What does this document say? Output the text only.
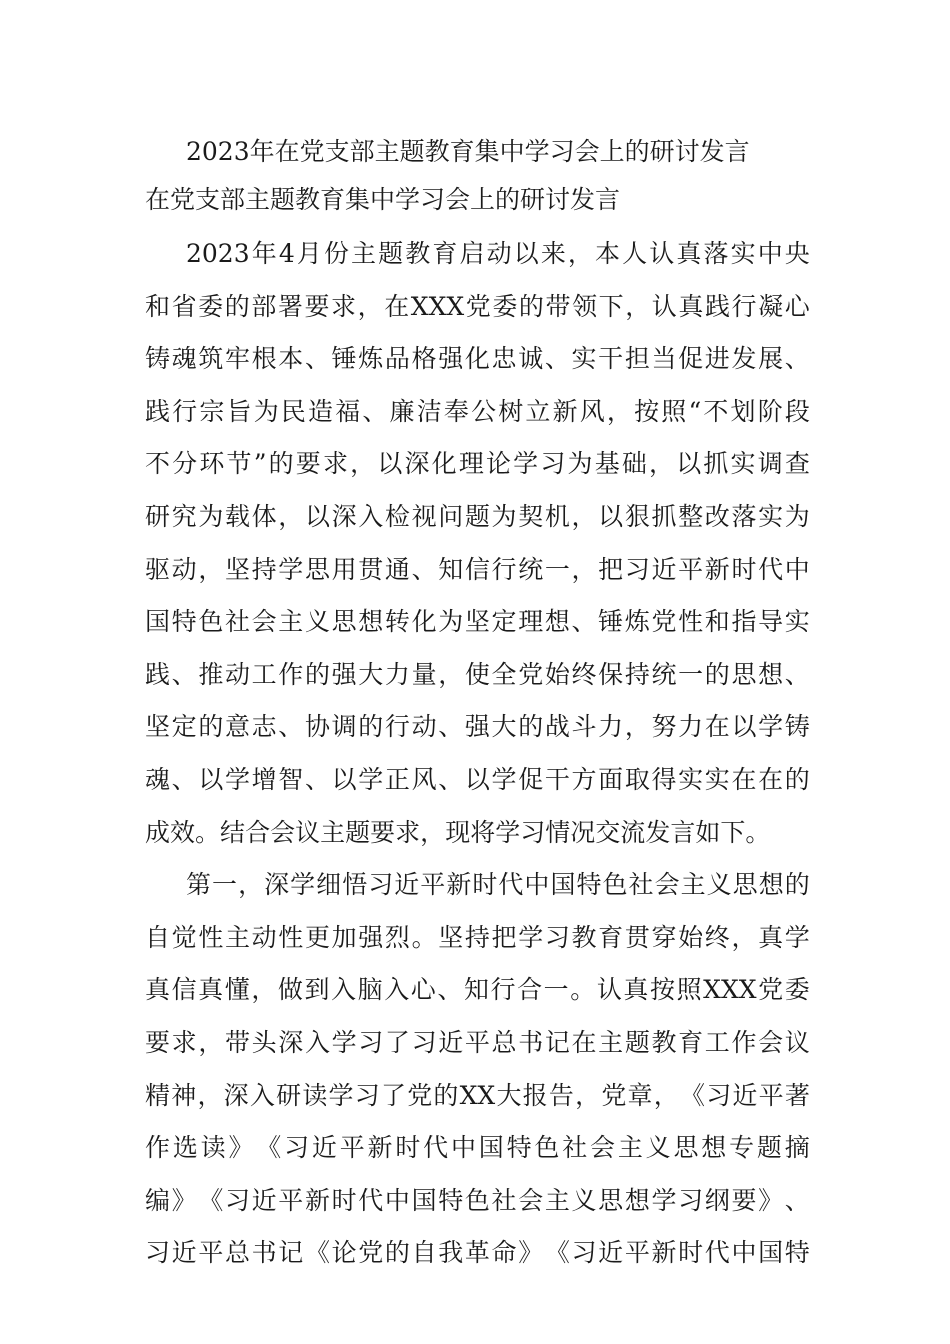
2023年在党支部主题教育集中学习会上的研讨发言
在党支部主题教育集中学习会上的研讨发言
2023 年 4 月 份 主 题 教 育 启 动 以 来 ， 本 人 认 真 落 实 中 央
和 省 委 的 部 署 要 求 ， 在 XXX 党 委 的 带 领 下 ， 认 真 践 行 凝 心
铸 魂 筑 牢 根 本 、 锤 炼 品 格 强 化 忠 诚 、 实 干 担 当 促 进 发 展 、
践 行 宗 旨 为 民 造 福 、 廉 洁 奉 公 树 立 新 风 ， 按 照 “ 不 划 阶 段
不 分 环 节 ” 的 要 求 ， 以 深 化 理 论 学 习 为 基 础 ， 以 抓 实 调 查
研 究 为 载 体 ， 以 深 入 检 视 问 题 为 契 机 ， 以 狠 抓 整 改 落 实 为
驱 动 ， 坚 持 学 思 用 贯 通 、 知 信 行 统 一 ， 把 习 近 平 新 时 代 中
国 特 色 社 会 主 义 思 想 转 化 为 坚 定 理 想 、 锤 炼 党 性 和 指 导 实
践 、 推 动 工 作 的 强 大 力 量 ， 使 全 党 始 终 保 持 统 一 的 思 想 、
坚 定 的 意 志 、 协 调 的 行 动 、 强 大 的 战 斗 力 ， 努 力 在 以 学 铸
魂 、 以 学 增 智 、 以 学 正 风 、 以 学 促 干 方 面 取 得 实 实 在 在 的
成 效 。 结 合 会 议 主 题 要 求 ， 现 将 学 习 情 况 交 流 发 言 如 下 。
第 一 ， 深 学 细 悟 习 近 平 新 时 代 中 国 特 色 社 会 主 义 思 想 的
自 觉 性 主 动 性 更 加 强 烈 。 坚 持 把 学 习 教 育 贯 穿 始 终 ， 真 学
真 信 真 懂 ， 做 到 入 脑 入 心 、 知 行 合 一 。 认 真 按 照 XXX 党 委
要 求 ， 带 头 深 入 学 习 了 习 近 平 总 书 记 在 主 题 教 育 工 作 会 议
精 神 ， 深 入 研 读 学 习 了 党 的 XX 大 报 告 ， 党 章 ， 《 习 近 平 著
作 选 读 》 《 习 近 平 新 时 代 中 国 特 色 社 会 主 义 思 想 专 题 摘
编 》 《 习 近 平 新 时 代 中 国 特 色 社 会 主 义 思 想 学 习 纲 要 》 、
习 近 平 总 书 记 《 论 党 的 自 我 革 命 》 《 习 近 平 新 时 代 中 国 特
